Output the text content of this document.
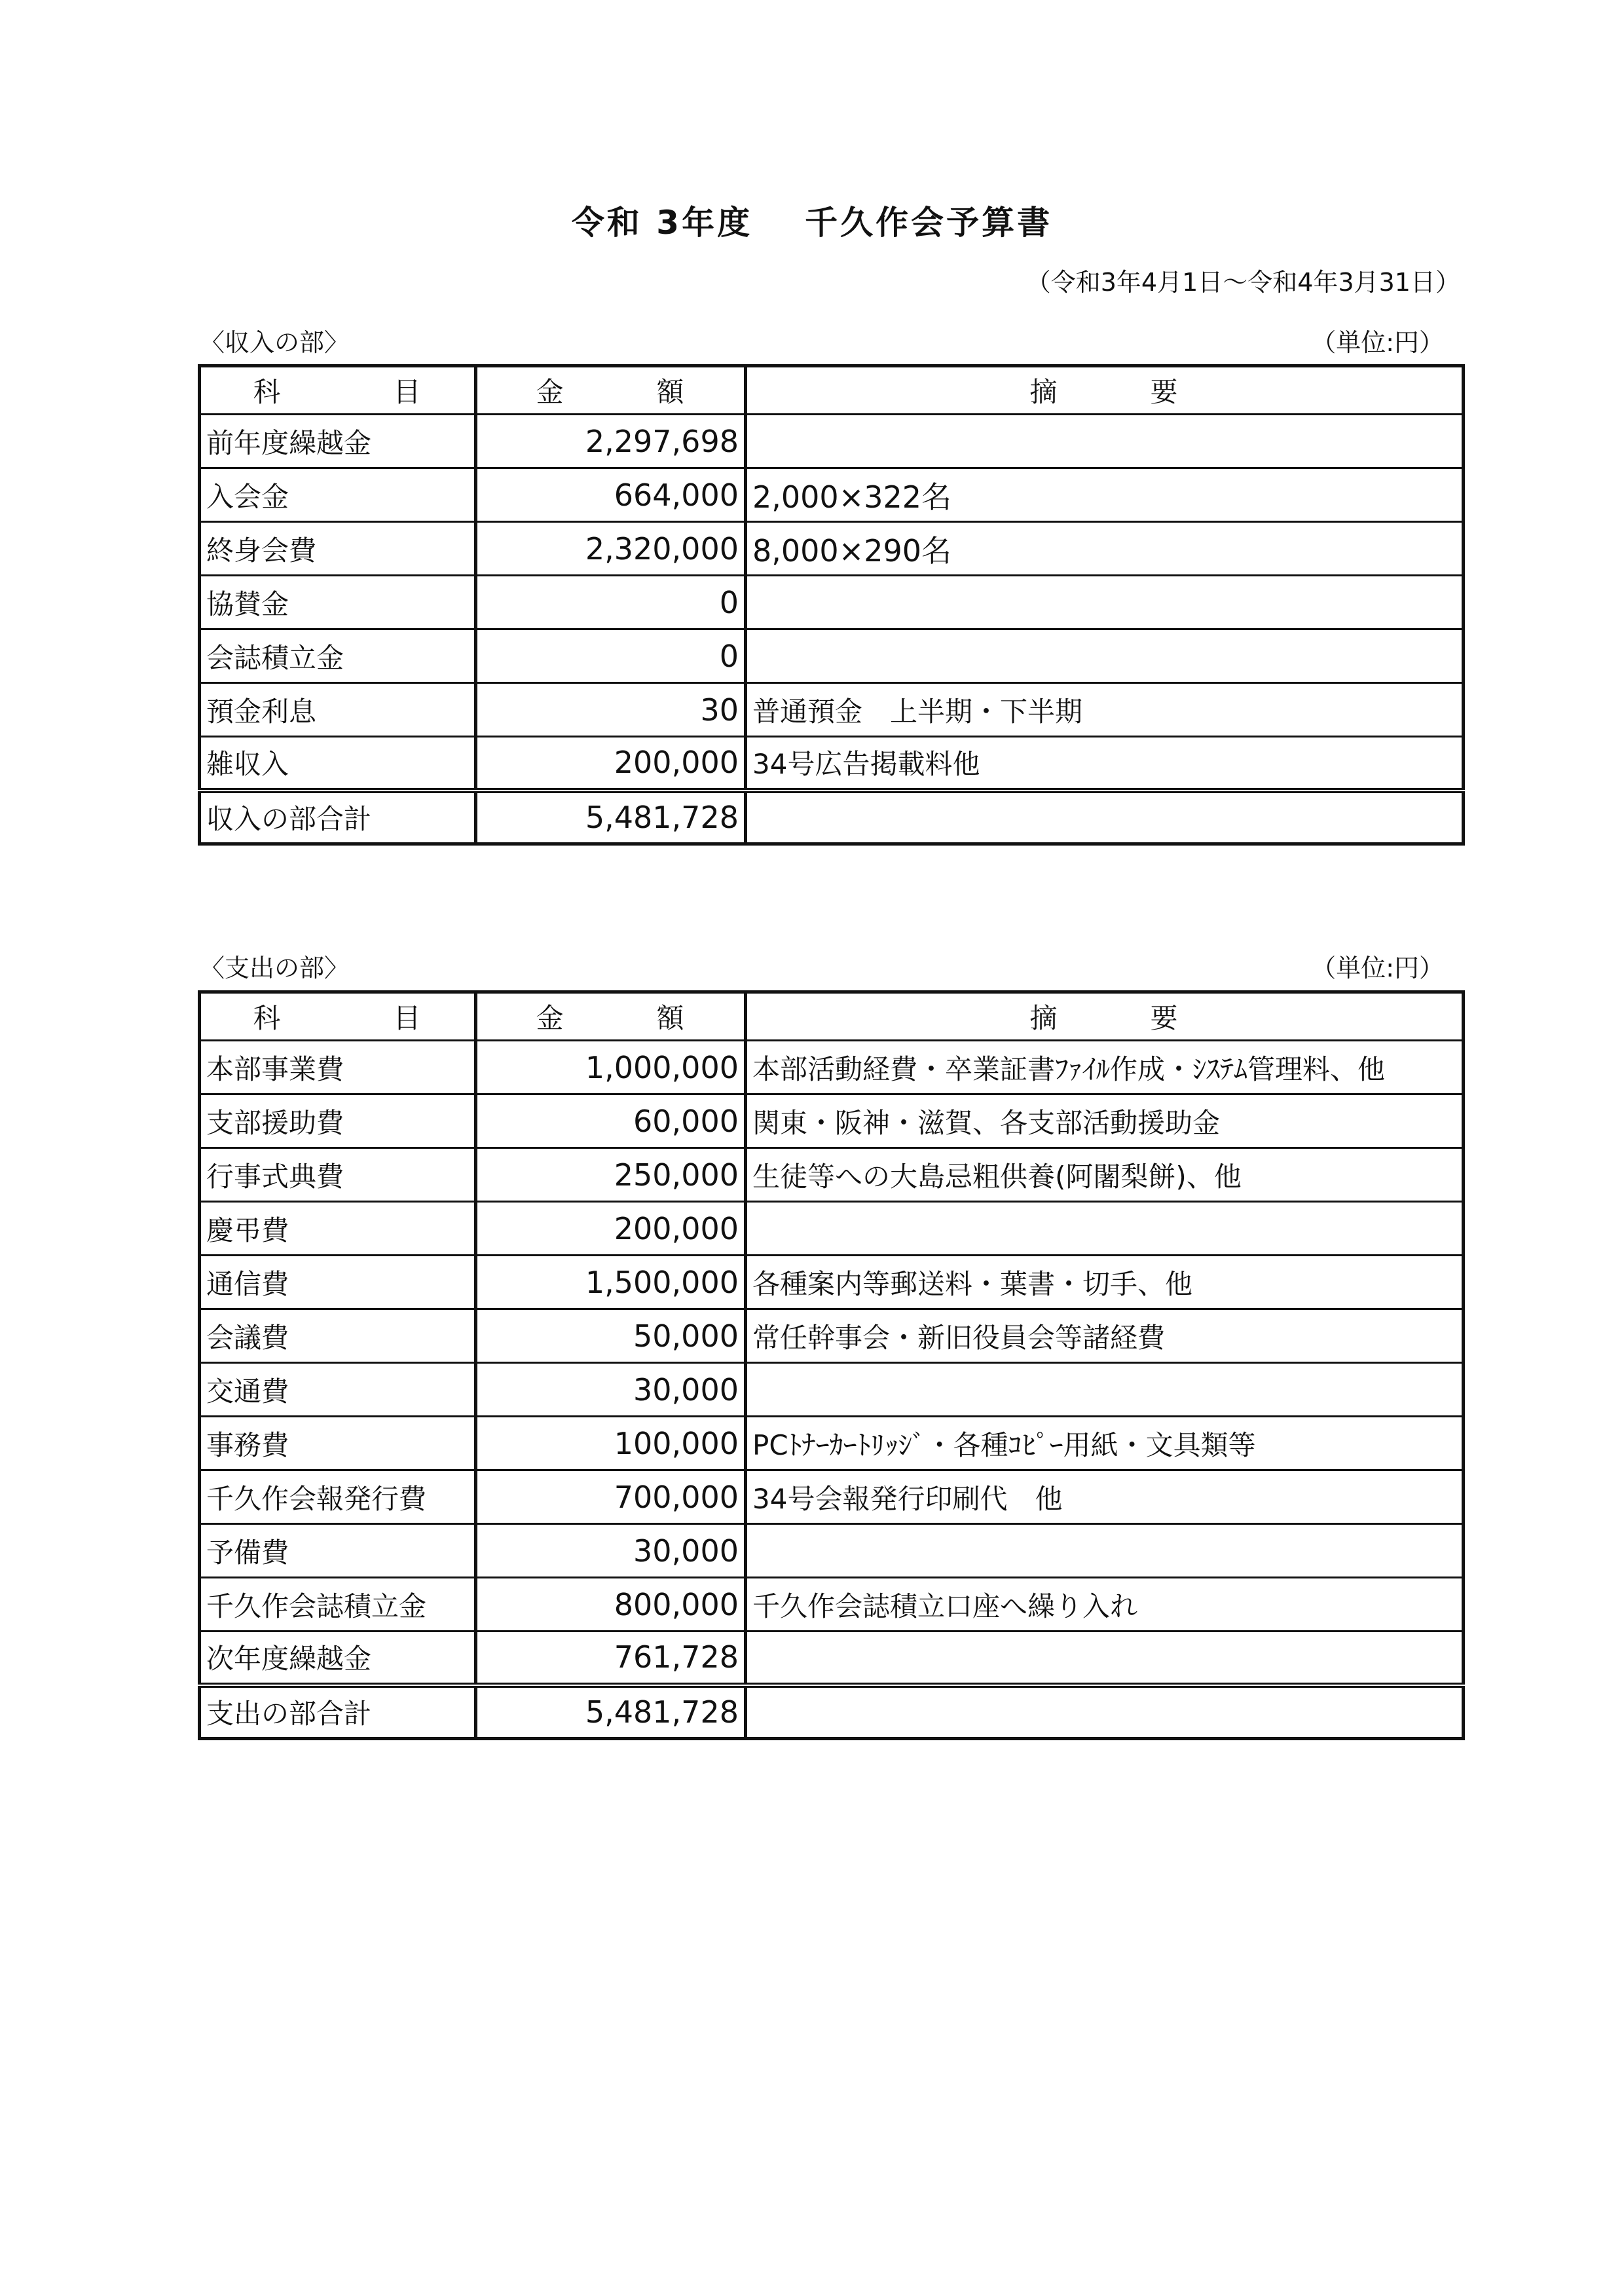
令和 3年度 千久作会予算書
（令和3年4月1日～令和4年3月31日）
〈収入の部〉	（単位:円）
科 目	金 額	摘 要
前年度繰越金	2,297,698	
入会金	664,000	2,000×322名
終身会費	2,320,000	8,000×290名
協賛金	0	
会誌積立金	0	
預金利息	30	普通預金　上半期・下半期
雑収入	200,000	34号広告掲載料他
収入の部合計	5,481,728	
〈支出の部〉	（単位:円）
科 目	金 額	摘 要
本部事業費	1,000,000	本部活動経費・卒業証書ﾌｧｲﾙ作成・ｼｽﾃﾑ管理料、他
支部援助費	60,000	関東・阪神・滋賀、各支部活動援助金
行事式典費	250,000	生徒等への大島忌粗供養(阿闍梨餅)、他
慶弔費	200,000	
通信費	1,500,000	各種案内等郵送料・葉書・切手、他
会議費	50,000	常任幹事会・新旧役員会等諸経費
交通費	30,000	
事務費	100,000	PCﾄﾅｰｶｰﾄﾘｯｼﾞ・各種ｺﾋﾟｰ用紙・文具類等
千久作会報発行費	700,000	34号会報発行印刷代　他
予備費	30,000	
千久作会誌積立金	800,000	千久作会誌積立口座へ繰り入れ
次年度繰越金	761,728	
支出の部合計	5,481,728	
